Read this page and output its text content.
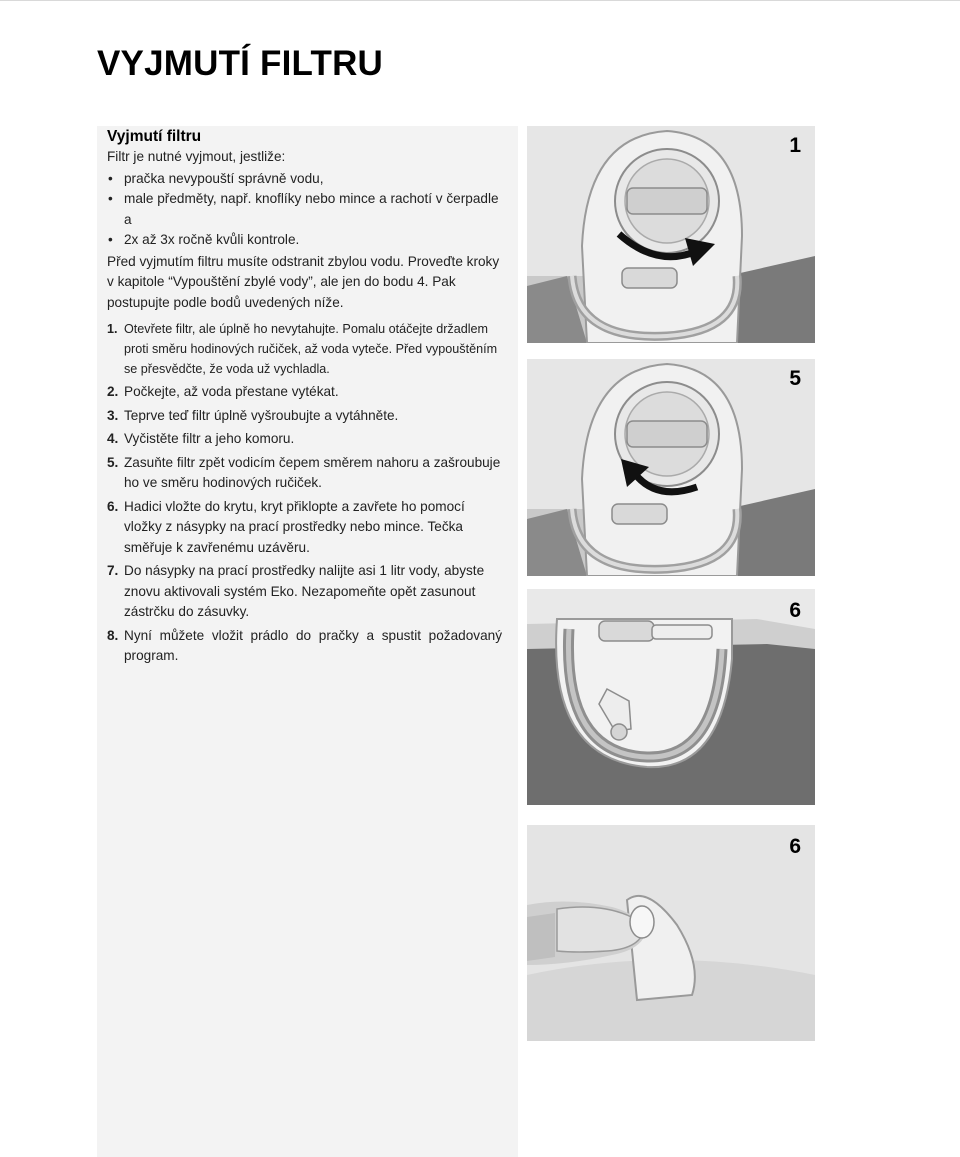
VYJMUTÍ FILTRU
Vyjmutí filtru

Filtr je nutné vyjmout, jestliže:

• pračka nevypouští správně vodu,
• male předměty, např. knoflíky nebo mince a rachotí v čerpadle a
• 2x až 3x ročně kvůli kontrole.

Před vyjmutím filtru musíte odstranit zbylou vodu. Proveďte kroky v kapitole “Vypouštění zbylé vody”, ale jen do bodu 4. Pak postupujte podle bodů uvedených níže.

1. Otevřete filtr, ale úplně ho nevytahujte. Pomalu otáčejte držadlem proti směru hodinových ručiček, až voda vyteče. Před vypouštěním se přesvědčte, že voda už vychladla.
2. Počkejte, až voda přestane vytékat.
3. Teprve teď filtr úplně vyšroubujte a vytáhněte.
4. Vyčistěte filtr a jeho komoru.
5. Zasuňte filtr zpět vodicím čepem směrem nahoru a zašroubuje ho ve směru hodinových ručiček.
6. Hadici vložte do krytu, kryt přiklopte a zavřete ho pomocí vložky z násypky na prací prostředky nebo mince. Tečka směřuje k zavřenému uzávěru.
7. Do násypky na prací prostředky nalijte asi 1 litr vody, abyste znovu aktivovali systém Eko. Nezapomeňte opět zasunout zástrčku do zásuvky.
8. Nyní můžete vložit prádlo do pračky a spustit požadovaný program.
1
5
6
6
